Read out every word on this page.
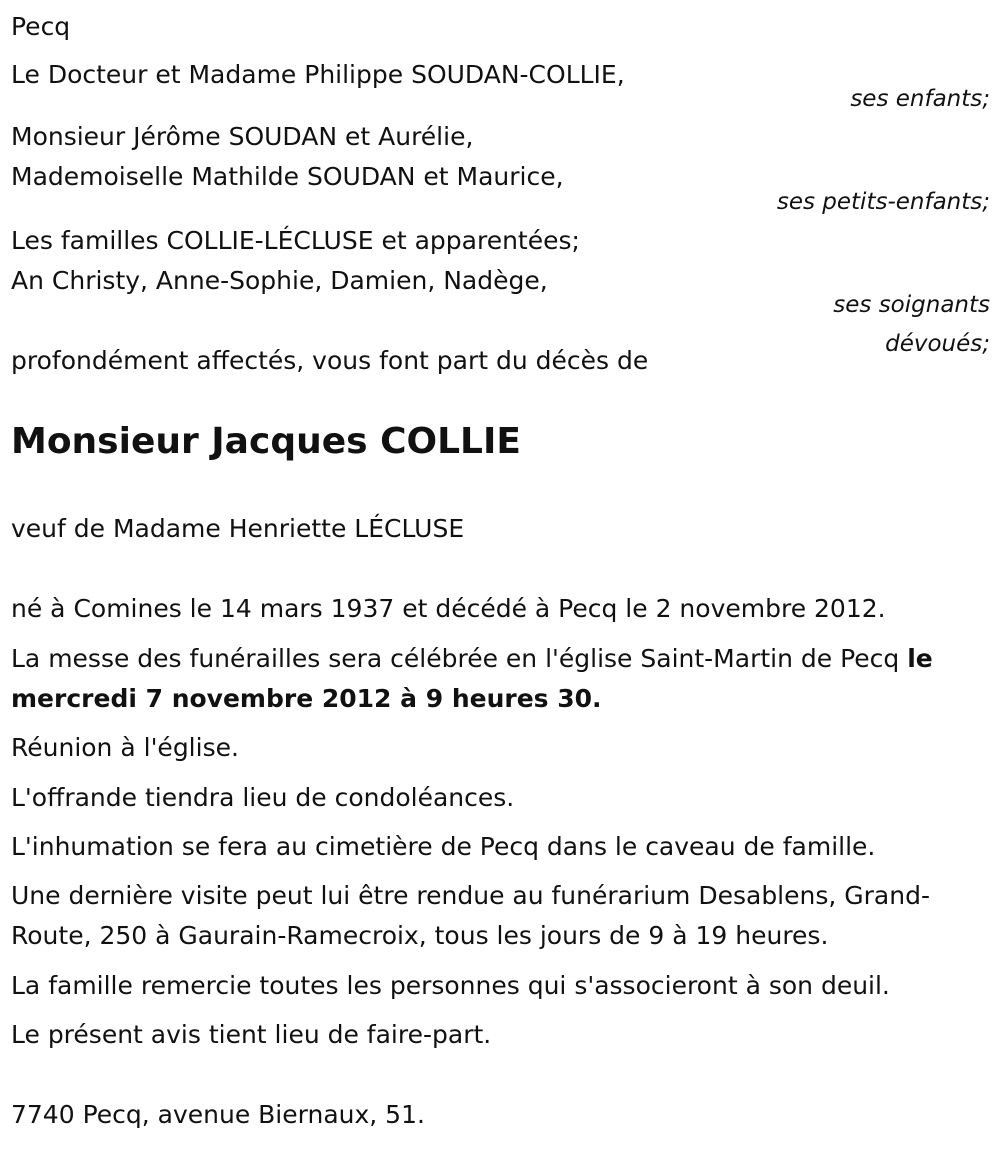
Pecq
Le Docteur et Madame Philippe SOUDAN-COLLIE,
ses enfants;
Monsieur Jérôme SOUDAN et Aurélie,
Mademoiselle Mathilde SOUDAN et Maurice,
ses petits-enfants;
Les familles COLLIE-LÉCLUSE et apparentées;
An Christy, Anne-Sophie, Damien, Nadège,
ses soignants
dévoués;
profondément affectés, vous font part du décès de
Monsieur Jacques COLLIE
veuf de Madame Henriette LÉCLUSE
né à Comines le 14 mars 1937 et décédé à Pecq le 2 novembre 2012.
La messe des funérailles sera célébrée en l'église Saint-Martin de Pecq le mercredi 7 novembre 2012 à 9 heures 30.
Réunion à l'église.
L'offrande tiendra lieu de condoléances.
L'inhumation se fera au cimetière de Pecq dans le caveau de famille.
Une dernière visite peut lui être rendue au funérarium Desablens, Grand-Route, 250 à Gaurain-Ramecroix, tous les jours de 9 à 19 heures.
La famille remercie toutes les personnes qui s'associeront à son deuil.
Le présent avis tient lieu de faire-part.
7740 Pecq, avenue Biernaux, 51.
